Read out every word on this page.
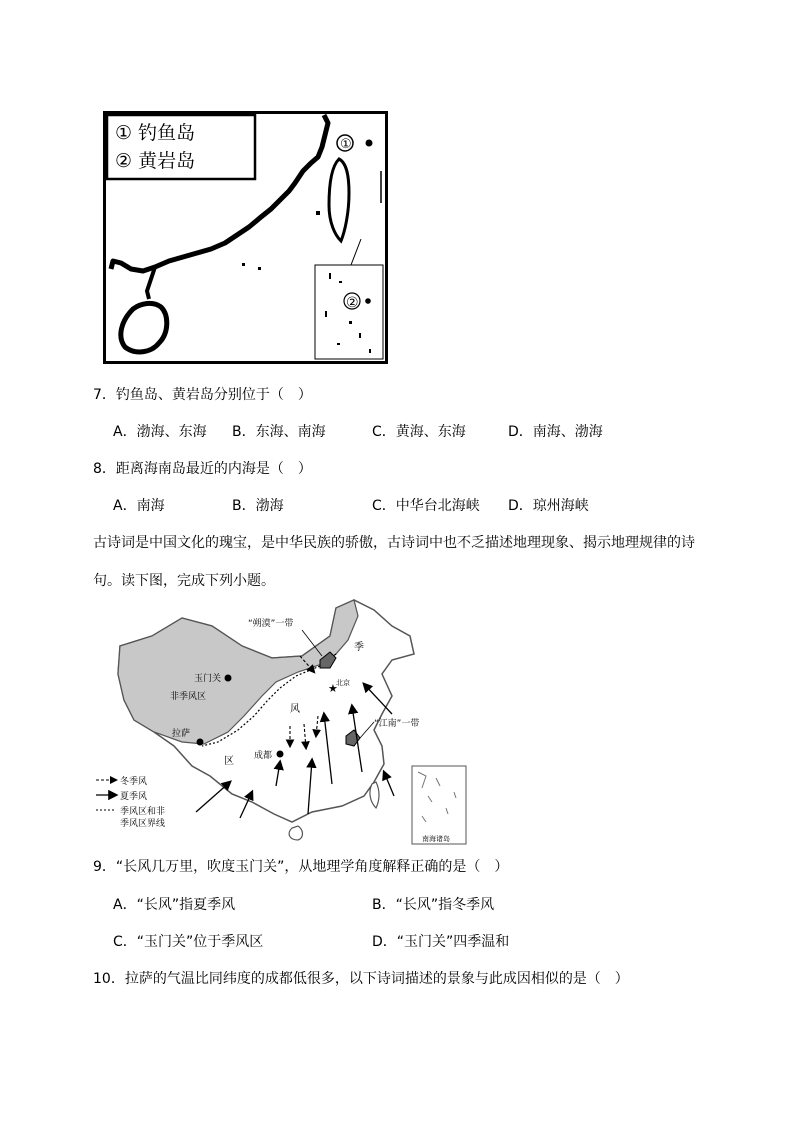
① 钓鱼岛
② 黄岩岛
①
②
7．钓鱼岛、黄岩岛分别位于（　）
A．渤海、东海 B．东海、南海	C．黄海、东海	D．南海、渤海
8．距离海南岛最近的内海是（　）
A．南海	B．渤海	C．中华台北海峡 D．琼州海峡
古诗词是中国文化的瑰宝，是中华民族的骄傲，古诗词中也不乏描述地理现象、揭示地理规律的诗
句。读下图，完成下列小题。
★
“朔漠”一带
季
玉门关	北京
非季风区
风
“江南”一带
拉萨
成都
区
冬季风
夏季风
季风区和非
季风区界线
南海诸岛
9．“长风几万里，吹度玉门关”，从地理学角度解释正确的是（　）
A．“长风”指夏季风	B．“长风”指冬季风
C．“玉门关”位于季风区	D．“玉门关”四季温和
10．拉萨的气温比同纬度的成都低很多，以下诗词描述的景象与此成因相似的是（　）
